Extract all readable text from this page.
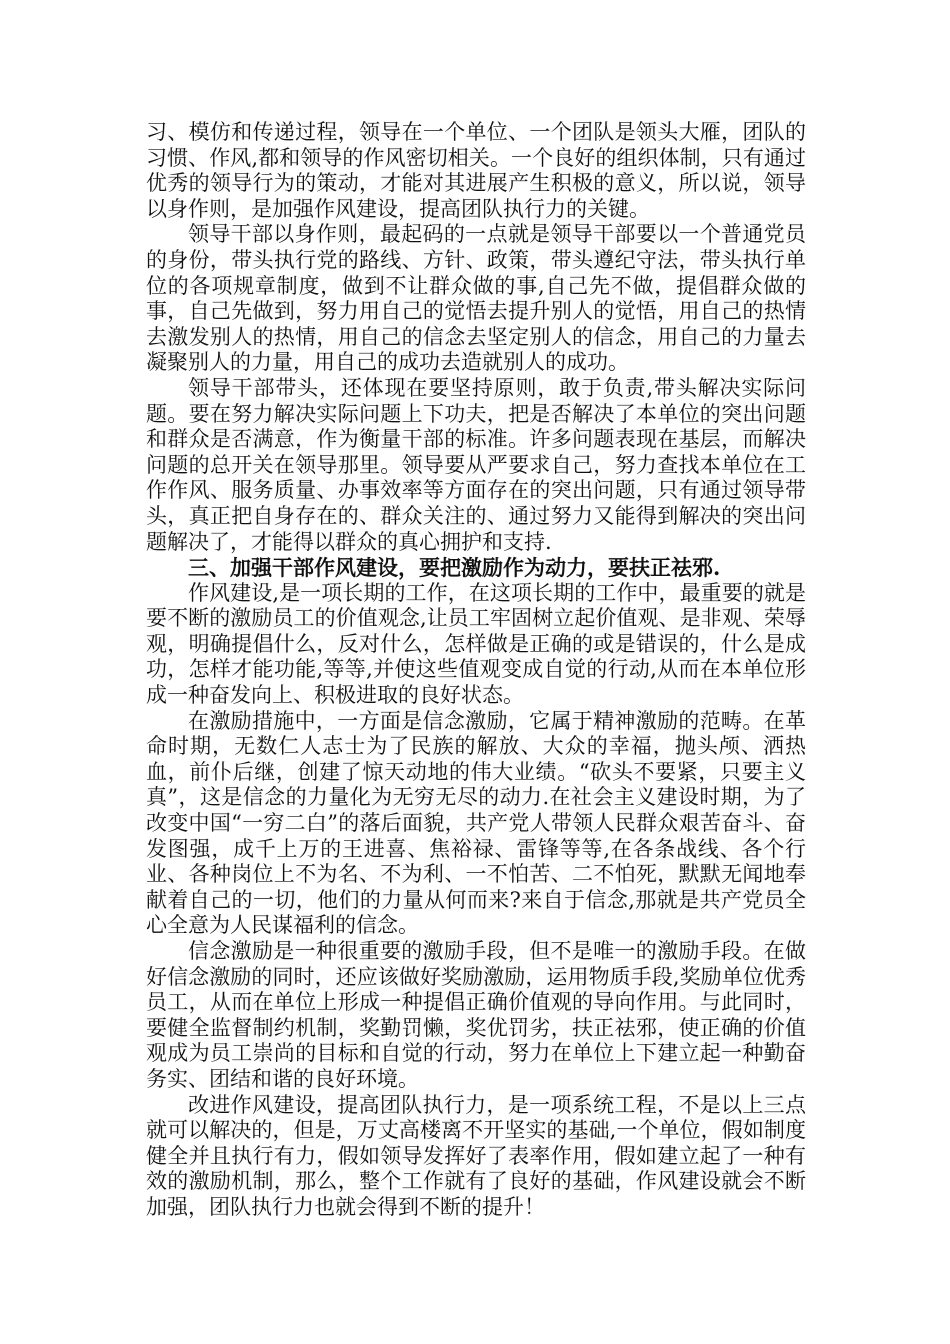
习、模仿和传递过程，领导在一个单位、一个团队是领头大雁，团队的习惯、作风,都和领导的作风密切相关。一个良好的组织体制，只有通过优秀的领导行为的策动，才能对其进展产生积极的意义，所以说，领导以身作则，是加强作风建设，提高团队执行力的关键。

领导干部以身作则，最起码的一点就是领导干部要以一个普通党员的身份，带头执行党的路线、方针、政策，带头遵纪守法，带头执行单位的各项规章制度，做到不让群众做的事,自己先不做，提倡群众做的事，自己先做到，努力用自己的觉悟去提升别人的觉悟，用自己的热情去激发别人的热情，用自己的信念去坚定别人的信念，用自己的力量去凝聚别人的力量，用自己的成功去造就别人的成功。

领导干部带头，还体现在要坚持原则，敢于负责,带头解决实际问题。要在努力解决实际问题上下功夫，把是否解决了本单位的突出问题和群众是否满意，作为衡量干部的标准。许多问题表现在基层，而解决问题的总开关在领导那里。领导要从严要求自己，努力查找本单位在工作作风、服务质量、办事效率等方面存在的突出问题，只有通过领导带头，真正把自身存在的、群众关注的、通过努力又能得到解决的突出问题解决了，才能得以群众的真心拥护和支持.

三、加强干部作风建设，要把激励作为动力，要扶正祛邪.

作风建设,是一项长期的工作，在这项长期的工作中，最重要的就是要不断的激励员工的价值观念,让员工牢固树立起价值观、是非观、荣辱观，明确提倡什么，反对什么，怎样做是正确的或是错误的，什么是成功，怎样才能功能,等等,并使这些值观变成自觉的行动,从而在本单位形成一种奋发向上、积极进取的良好状态。

在激励措施中，一方面是信念激励，它属于精神激励的范畴。在革命时期，无数仁人志士为了民族的解放、大众的幸福，抛头颅、洒热血，前仆后继，创建了惊天动地的伟大业绩。“砍头不要紧，只要主义真”，这是信念的力量化为无穷无尽的动力.在社会主义建设时期，为了改变中国“一穷二白”的落后面貌，共产党人带领人民群众艰苦奋斗、奋发图强，成千上万的王进喜、焦裕禄、雷锋等等,在各条战线、各个行业、各种岗位上不为名、不为利、一不怕苦、二不怕死，默默无闻地奉献着自己的一切，他们的力量从何而来?来自于信念,那就是共产党员全心全意为人民谋福利的信念。

信念激励是一种很重要的激励手段，但不是唯一的激励手段。在做好信念激励的同时，还应该做好奖励激励，运用物质手段,奖励单位优秀员工，从而在单位上形成一种提倡正确价值观的导向作用。与此同时，要健全监督制约机制，奖勤罚懒，奖优罚劣，扶正祛邪，使正确的价值观成为员工崇尚的目标和自觉的行动，努力在单位上下建立起一种勤奋务实、团结和谐的良好环境。

改进作风建设，提高团队执行力，是一项系统工程，不是以上三点就可以解决的，但是，万丈高楼离不开坚实的基础,一个单位，假如制度健全并且执行有力，假如领导发挥好了表率作用，假如建立起了一种有效的激励机制，那么，整个工作就有了良好的基础，作风建设就会不断加强，团队执行力也就会得到不断的提升！
